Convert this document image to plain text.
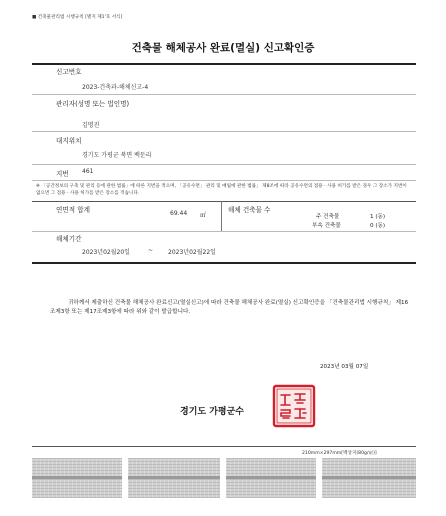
■ 건축물관리법 시행규칙 [별지 제1'호 서식]
건축물 해체공사 완료(멸실) 신고확인증
신고번호
2023-건축과-해체신고-4
관리자(성명 또는 법인명)
김명진
대지위치
경기도 가평군 북면 백둔리
지번 461
※ 「공간정보의 구축 및 관리 등에 관한 법률」에 따른 지번을 적으며, 「공유수면」 관리 및 매립에 관한 법률」 제8조에 따라 공유수면의 점용 · 사용 허가를 받은 경우 그 장소가 지번이 없으면 그 점용 · 사용 허가를 받은 장소를 적습니다.
연면적 합계	69.44 ㎡
해체 건축물 수
주 건축물	1 (동)
부속 건축물	0 (동)
해체기간
2023년02월20일	~ 2023년02월22일
귀하께서 제출하신 건축물 해체공사 완료신고(멸실신고)에 따라 건축물 해체공사 완료(멸실) 신고확인증을 「건축물관리법 시행규칙」 제16조제3항 또는 제17조제3항에 따라 위와 같이 발급합니다.
2023년 03월 07일
경기도 가평군수
210mm×297mm[백상지(80g/㎡)]
